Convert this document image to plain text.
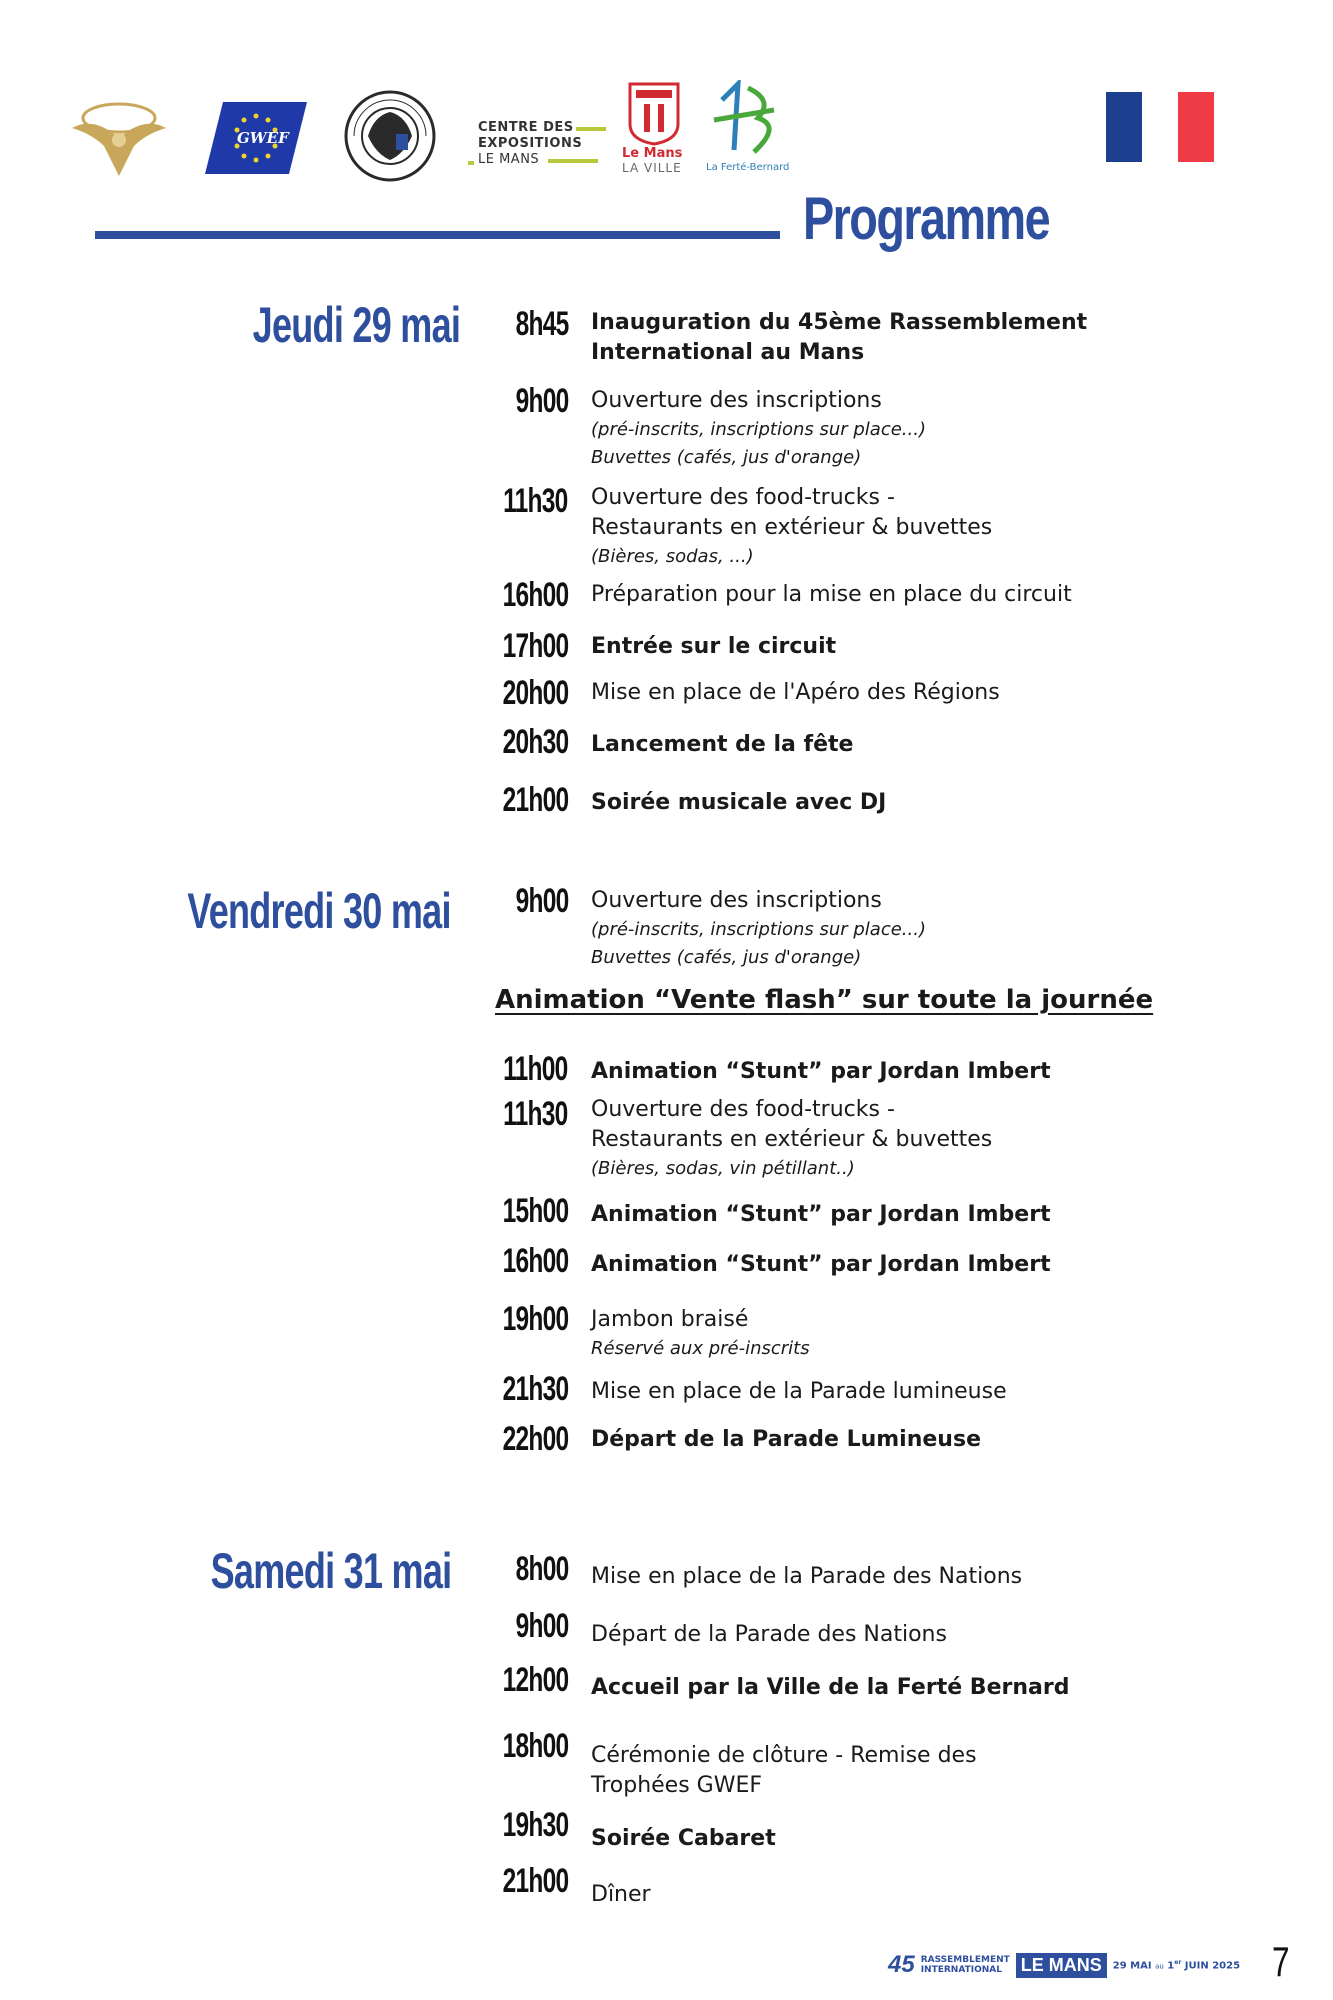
GWEF
CENTRE DES
EXPOSITIONS
LE MANS	Le Mans
LA VILLE La Ferté-Bernard
Programme
Jeudi 29 mai 8h45 Inauguration du 45ème Rassemblement
International au Mans
9h00 Ouverture des inscriptions
(pré-inscrits, inscriptions sur place...)
Buvettes (cafés, jus d'orange)
11h30 Ouverture des food-trucks -
Restaurants en extérieur & buvettes
(Bières, sodas, ...)
16h00 Préparation pour la mise en place du circuit
17h00 Entrée sur le circuit
20h00 Mise en place de l'Apéro des Régions
20h30 Lancement de la fête
21h00 Soirée musicale avec DJ
Vendredi 30 mai 9h00 Ouverture des inscriptions
(pré-inscrits, inscriptions sur place...)
Buvettes (cafés, jus d'orange)
11h00 Animation “Stunt” par Jordan Imbert
11h30 Ouverture des food-trucks -
Restaurants en extérieur & buvettes
(Bières, sodas, vin pétillant..)
15h00 Animation “Stunt” par Jordan Imbert
16h00 Animation “Stunt” par Jordan Imbert
19h00 Jambon braisé
Réservé aux pré-inscrits
21h30 Mise en place de la Parade lumineuse
22h00 Départ de la Parade Lumineuse
Samedi 31 mai 8h00 Mise en place de la Parade des Nations
9h00 Départ de la Parade des Nations
12h00 Accueil par la Ville de la Ferté Bernard
18h00 Cérémonie de clôture - Remise des
Trophées GWEF
19h30 Soirée Cabaret
21h00 Dîner
Animation “Vente flash” sur toute la journée
45 RASSEMBLEMENT
INTERNATIONAL	LE MANS	29 MAI au 1er JUIN 2025 7
